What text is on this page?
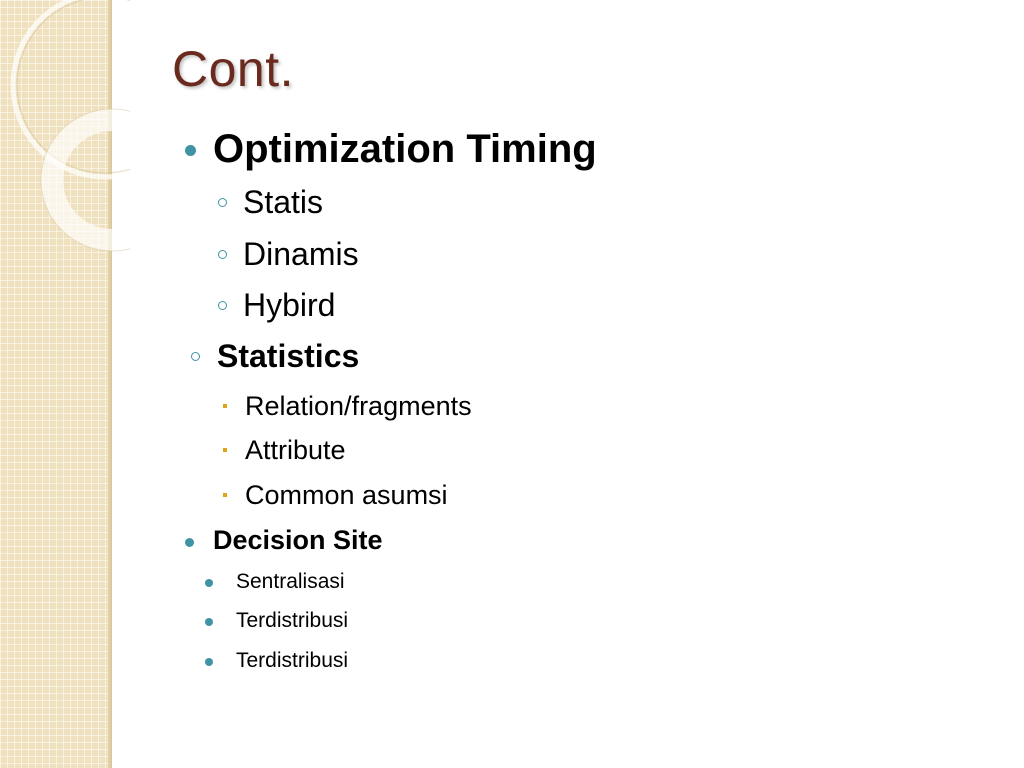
Cont.
Optimization Timing
Statis
Dinamis
Hybird
Statistics
Relation/fragments
Attribute
Common asumsi
Decision Site
Sentralisasi
Terdistribusi
Terdistribusi
